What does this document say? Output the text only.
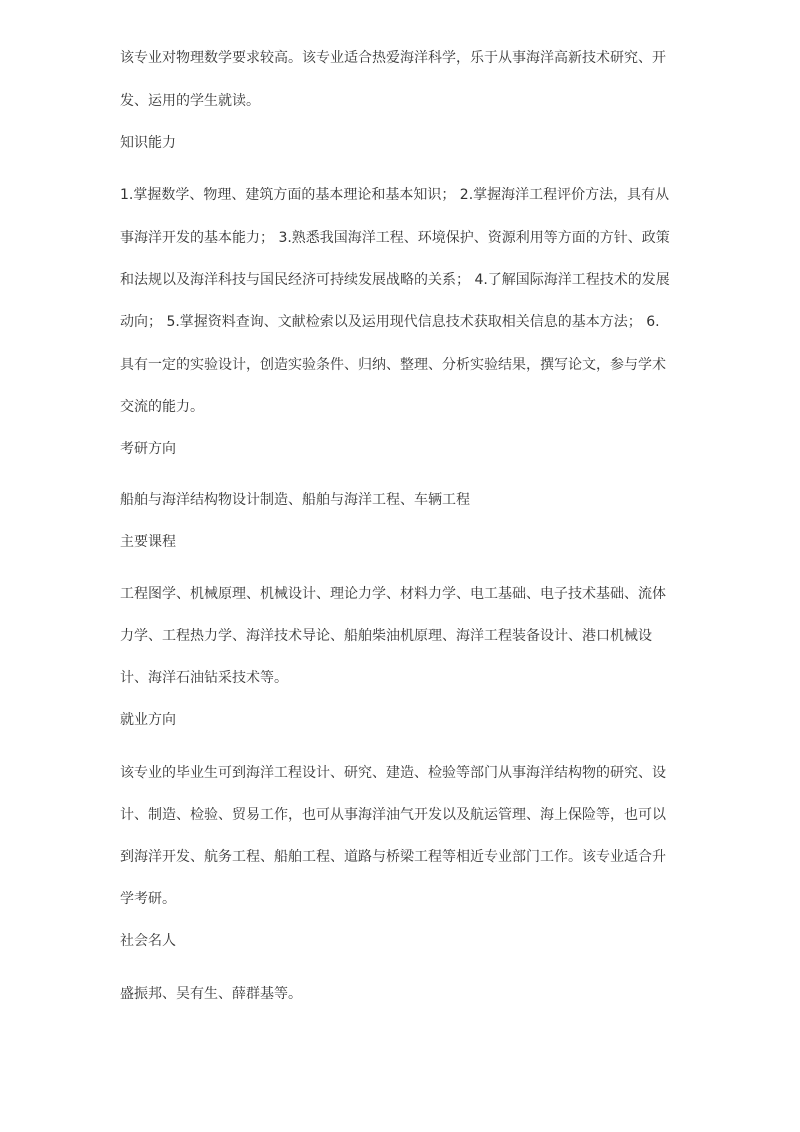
该专业对物理数学要求较高。该专业适合热爱海洋科学，乐于从事海洋高新技术研究、开
发、运用的学生就读。
知识能力
1.掌握数学、物理、建筑方面的基本理论和基本知识； 2.掌握海洋工程评价方法，具有从
事海洋开发的基本能力； 3.熟悉我国海洋工程、环境保护、资源利用等方面的方针、政策
和法规以及海洋科技与国民经济可持续发展战略的关系； 4.了解国际海洋工程技术的发展
动向； 5.掌握资料查询、文献检索以及运用现代信息技术获取相关信息的基本方法； 6.
具有一定的实验设计，创造实验条件、归纳、整理、分析实验结果，撰写论文，参与学术
交流的能力。
考研方向
船舶与海洋结构物设计制造、船舶与海洋工程、车辆工程
主要课程
工程图学、机械原理、机械设计、理论力学、材料力学、电工基础、电子技术基础、流体
力学、工程热力学、海洋技术导论、船舶柴油机原理、海洋工程装备设计、港口机械设
计、海洋石油钻采技术等。
就业方向
该专业的毕业生可到海洋工程设计、研究、建造、检验等部门从事海洋结构物的研究、设
计、制造、检验、贸易工作，也可从事海洋油气开发以及航运管理、海上保险等，也可以
到海洋开发、航务工程、船舶工程、道路与桥梁工程等相近专业部门工作。该专业适合升
学考研。
社会名人
盛振邦、吴有生、薛群基等。
